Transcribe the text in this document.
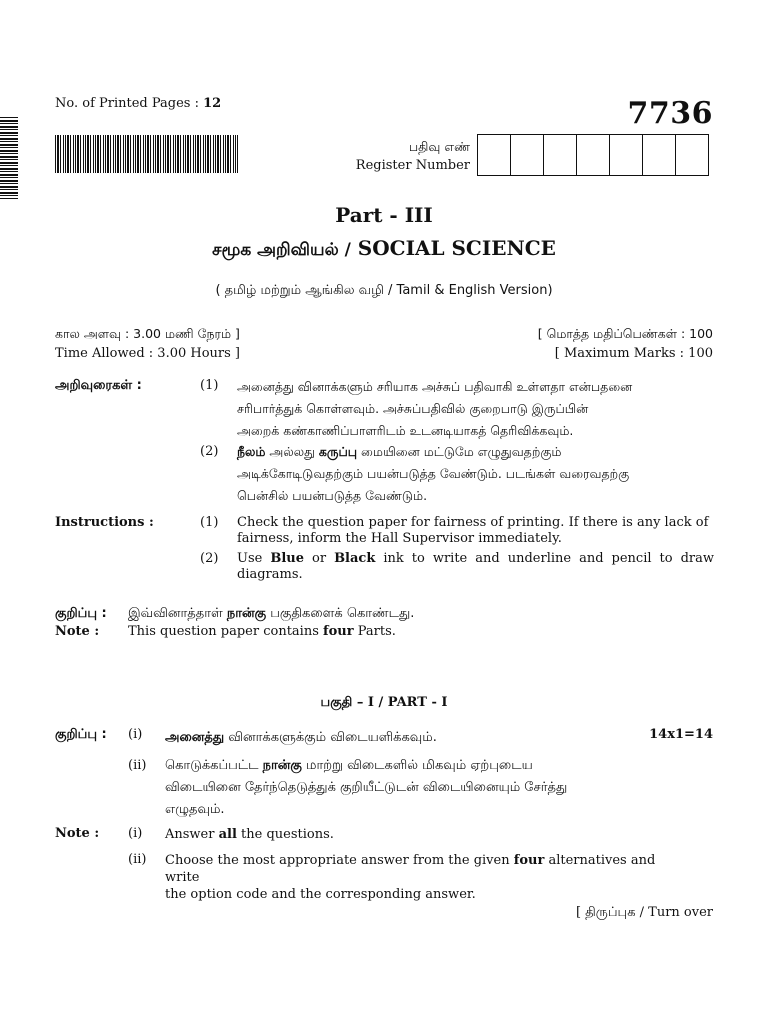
No. of Printed Pages : 12	7736
பதிவு எண்
Register Number
Part - III
சமூக அறிவியல் / SOCIAL SCIENCE
( தமிழ் மற்றும் ஆங்கில வழி / Tamil & English Version)
கால அளவு : 3.00 மணி நேரம் ]	[ மொத்த மதிப்பெண்கள் : 100
Time Allowed : 3.00 Hours ]	[ Maximum Marks : 100
அறிவுரைகள் :	(1) அனைத்து வினாக்களும் சரியாக அச்சுப் பதிவாகி உள்ளதா என்பதனை
சரிபார்த்துக் கொள்ளவும். அச்சுப்பதிவில் குறைபாடு இருப்பின்
அறைக் கண்காணிப்பாளரிடம் உடனடியாகத் தெரிவிக்கவும்.
(2) நீலம் அல்லது கருப்பு மையினை மட்டுமே எழுதுவதற்கும்
அடிக்கோடிடுவதற்கும் பயன்படுத்த வேண்டும். படங்கள் வரைவதற்கு
பென்சில் பயன்படுத்த வேண்டும்.
Instructions :	(1) Check the question paper for fairness of printing. If there is any lack of
fairness, inform the Hall Supervisor immediately.
(2) Use Blue or Black ink to write and underline and pencil to draw diagrams.
குறிப்பு : இவ்வினாத்தாள் நான்கு பகுதிகளைக் கொண்டது.
Note : This question paper contains four Parts.
பகுதி – I / PART - I
14x1=14
குறிப்பு : (i) அனைத்து வினாக்களுக்கும் விடையளிக்கவும்.
(ii) கொடுக்கப்பட்ட நான்கு மாற்று விடைகளில் மிகவும் ஏற்புடைய
விடையினை தேர்ந்தெடுத்துக் குறியீட்டுடன் விடையினையும் சேர்த்து
எழுதவும்.
Note : (i) Answer all the questions.
(ii) Choose the most appropriate answer from the given four alternatives and write
the option code and the corresponding answer.
[ திருப்புக / Turn over
